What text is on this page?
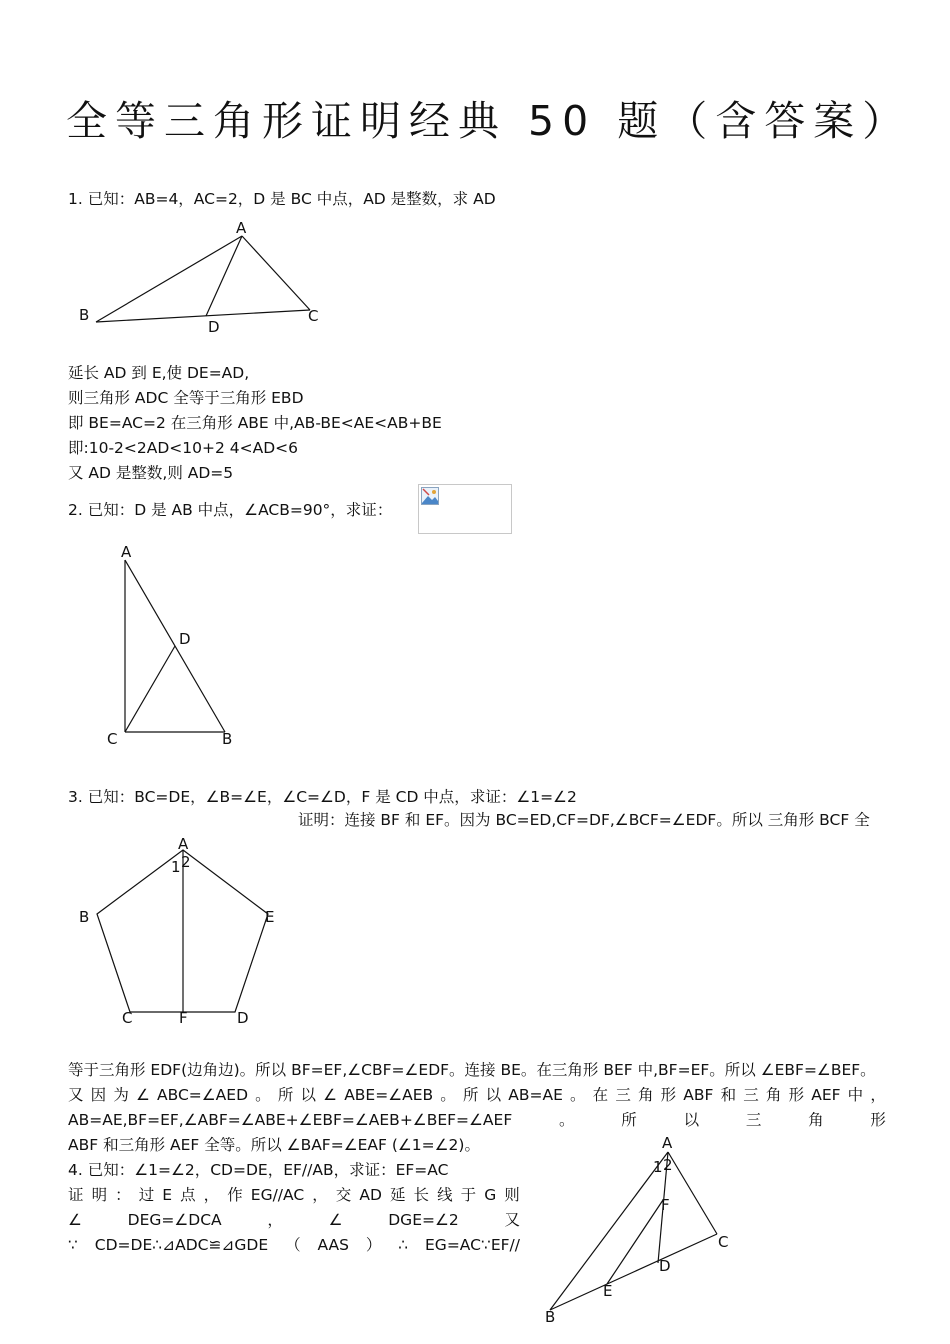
全等三角形证明经典 50 题（含答案）
1. 已知：AB=4，AC=2，D 是 BC 中点，AD 是整数，求 AD
A
B	C
D
延长 AD 到 E,使 DE=AD,
则三角形 ADC 全等于三角形 EBD
即 BE=AC=2 在三角形 ABE 中,AB-BE<AE<AB+BE
即:10-2<2AD<10+2 4<AD<6
又 AD 是整数,则 AD=5
2. 已知：D 是 AB 中点，∠ACB=90°，求证：
A
D
C	B
3. 已知：BC=DE，∠B=∠E，∠C=∠D，F 是 CD 中点，求证：∠1=∠2
证明：连接 BF 和 EF。因为 BC=ED,CF=DF,∠BCF=∠EDF。所以 三角形 BCF 全
A
1 2
B	E
C	F	D
等于三角形 EDF(边角边)。所以 BF=EF,∠CBF=∠EDF。连接 BE。在三角形 BEF 中,BF=EF。所以 ∠EBF=∠BEF。
又 因 为 ∠ ABC=∠AED 。 所 以 ∠ ABE=∠AEB 。 所 以 AB=AE 。 在 三 角 形 ABF 和 三 角 形 AEF 中 ，
AB=AE,BF=EF,∠ABF=∠ABE+∠EBF=∠AEB+∠BEF=∠AEF	。	所	以	三	角	形
ABF 和三角形 AEF 全等。所以 ∠BAF=∠EAF (∠1=∠2)。
4. 已知：∠1=∠2，CD=DE，EF//AB，求证：EF=AC
证 明 ： 过 E 点 ， 作 EG//AC ， 交 AD 延 长 线 于 G 则
∠	DEG=∠DCA	，	∠	DGE=∠2	又
∵ CD=DE∴⊿ADC≌⊿GDE （ AAS ） ∴ EG=AC∵EF//
A
1 2
F
C
D
E
B
